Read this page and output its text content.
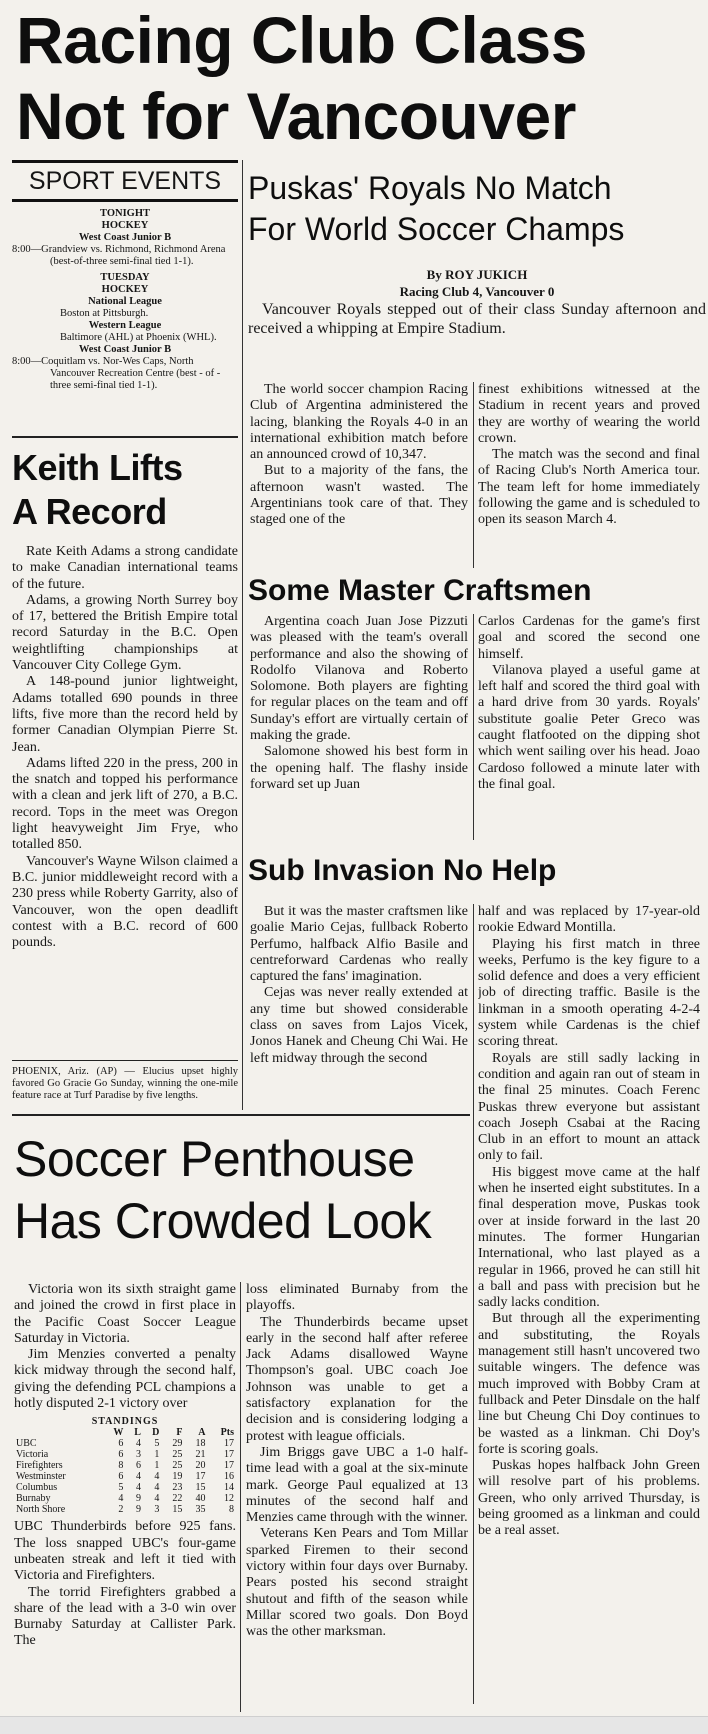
Racing Club Class
Not for Vancouver
SPORT EVENTS
TONIGHT
HOCKEY
West Coast Junior B
8:00—Grandview vs. Richmond, Richmond Arena (best-of-three semi-final tied 1-1).
TUESDAY
HOCKEY
National League
Boston at Pittsburgh.
Western League
Baltimore (AHL) at Phoenix (WHL).
West Coast Junior B
8:00—Coquitlam vs. Nor-Wes Caps, North Vancouver Recreation Centre (best - of - three semi-final tied 1-1).
Keith Lifts
A Record

Rate Keith Adams a strong candidate to make Canadian international teams of the future.

Adams, a growing North Surrey boy of 17, bettered the British Empire total record Saturday in the B.C. Open weightlifting championships at Vancouver City College Gym.

A 148-pound junior lightweight, Adams totalled 690 pounds in three lifts, five more than the record held by former Canadian Olympian Pierre St. Jean.

Adams lifted 220 in the press, 200 in the snatch and topped his performance with a clean and jerk lift of 270, a B.C. record. Tops in the meet was Oregon light heavyweight Jim Frye, who totalled 850.

Vancouver's Wayne Wilson claimed a B.C. junior middleweight record with a 230 press while Roberty Garrity, also of Vancouver, won the open deadlift contest with a B.C. record of 600 pounds.

PHOENIX, Ariz. (AP) — Elucius upset highly favored Go Gracie Go Sunday, winning the one-mile feature race at Turf Paradise by five lengths.
Puskas' Royals No Match
For World Soccer Champs
By ROY JUKICH
Racing Club 4, Vancouver 0

Vancouver Royals stepped out of their class Sunday afternoon and received a whipping at Empire Stadium.

The world soccer champion Racing Club of Argentina administered the lacing, blanking the Royals 4-0 in an international exhibition match before an announced crowd of 10,347.

But to a majority of the fans, the afternoon wasn't wasted. The Argentinians took care of that. They staged one of the

finest exhibitions witnessed at the Stadium in recent years and proved they are worthy of wearing the world crown.

The match was the second and final of Racing Club's North America tour. The team left for home immediately following the game and is scheduled to open its season March 4.

Some Master Craftsmen

Argentina coach Juan Jose Pizzuti was pleased with the team's overall performance and also the showing of Rodolfo Vilanova and Roberto Solomone. Both players are fighting for regular places on the team and off Sunday's effort are virtually certain of making the grade.

Salomone showed his best form in the opening half. The flashy inside forward set up Juan

Carlos Cardenas for the game's first goal and scored the second one himself.

Vilanova played a useful game at left half and scored the third goal with a hard drive from 30 yards. Royals' substitute goalie Peter Greco was caught flatfooted on the dipping shot which went sailing over his head. Joao Cardoso followed a minute later with the final goal.

Sub Invasion No Help

But it was the master craftsmen like goalie Mario Cejas, fullback Roberto Perfumo, halfback Alfio Basile and centreforward Cardenas who really captured the fans' imagination.

Cejas was never really extended at any time but showed considerable class on saves from Lajos Vicek, Jonos Hanek and Cheung Chi Wai. He left midway through the second

half and was replaced by 17-year-old rookie Edward Montilla.

Playing his first match in three weeks, Perfumo is the key figure to a solid defence and does a very efficient job of directing traffic. Basile is the linkman in a smooth operating 4-2-4 system while Cardenas is the chief scoring threat.

Royals are still sadly lacking in condition and again ran out of steam in the final 25 minutes. Coach Ferenc Puskas threw everyone but assistant coach Joseph Csabai at the Racing Club in an effort to mount an attack only to fail.

His biggest move came at the half when he inserted eight substitutes. In a final desperation move, Puskas took over at inside forward in the last 20 minutes. The former Hungarian International, who last played as a regular in 1966, proved he can still hit a ball and pass with precision but he sadly lacks condition.

But through all the experimenting and substituting, the Royals management still hasn't uncovered two suitable wingers. The defence was much improved with Bobby Cram at fullback and Peter Dinsdale on the half line but Cheung Chi Doy continues to be wasted as a linkman. Chi Doy's forte is scoring goals.

Puskas hopes halfback John Green will resolve part of his problems. Green, who only arrived Thursday, is being groomed as a linkman and could be a real asset.

Soccer Penthouse
Has Crowded Look

Victoria won its sixth straight game and joined the crowd in first place in the Pacific Coast Soccer League Saturday in Victoria.

Jim Menzies converted a penalty kick midway through the second half, giving the defending PCL champions a hotly disputed 2-1 victory over

STANDINGS
	W	L	D	F	A	Pts
UBC	6	4	5	29	18	17
Victoria	6	3	1	25	21	17
Firefighters	8	6	1	25	20	17
Westminster	6	4	4	19	17	16
Columbus	5	4	4	23	15	14
Burnaby	4	9	4	22	40	12
North Shore	2	9	3	15	35	8

UBC Thunderbirds before 925 fans. The loss snapped UBC's four-game unbeaten streak and left it tied with Victoria and Firefighters.

The torrid Firefighters grabbed a share of the lead with a 3-0 win over Burnaby Saturday at Callister Park. The

loss eliminated Burnaby from the playoffs.

The Thunderbirds became upset early in the second half after referee Jack Adams disallowed Wayne Thompson's goal. UBC coach Joe Johnson was unable to get a satisfactory explanation for the decision and is considering lodging a protest with league officials.

Jim Briggs gave UBC a 1-0 half-time lead with a goal at the six-minute mark. George Paul equalized at 13 minutes of the second half and Menzies came through with the winner.

Veterans Ken Pears and Tom Millar sparked Firemen to their second victory within four days over Burnaby. Pears posted his second straight shutout and fifth of the season while Millar scored two goals. Don Boyd was the other marksman.
